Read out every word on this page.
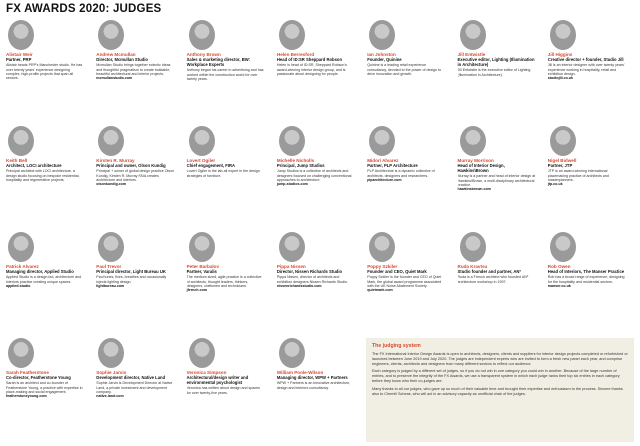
FX AWARDS 2020: JUDGES
Alistair Weir
Partner, PRP
Alistair heads PRP's Manchester studio. He has over twenty years' experience designing complex, high-profile projects that span all sectors.
Andrew Mcmullan
Director, Mcmullan Studio
Mcmullan Studio brings together eclectic ideas and thoughtful pragmatism to create buildable, beautiful architectural and interior projects.
mcmullanstudio.com
Anthony Brown
Sales & marketing director, BW: Workplace Experts
Anthony began his career in advertising and has worked within the construction world for over twenty years.
Helen Berresford
Head of ID:SR Sheppard Robson
Helen is head of ID:SR, Sheppard Robson's award-winning interior design group, and is passionate about designing for people.
Ian Johnston
Founder, Quinine
Quinine is a leading retail experience consultancy, devoted to the power of design to drive innovation and growth.
Jill Entwistle
Executive editor, Lighting (Illumination in Architecture)
Jill Entwistle is the executive editor of Lighting (Illumination in Architecture).
Jill Higgins
Creative director + founder, Studio Jill
Jill is an interior designer with over twenty years' experience working in hospitality, retail and exhibition design.
studiojill.co.uk
Keith Bell
Architect, LOCI architecture
Principal architect with LOCI architecture, a design studio focusing on bespoke residential, hospitality and regenerative projects.
Kirsten R. Murray
Principal and owner, Olson Kundig
Principal + owner of global design practice Olson Kundig, Kirsten R. Murray FAIA creates architecture and interiors.
olsonkundig.com
Lovert Ogiler
Chief engagement, FIRA
Lovert Ogiler is the lab-all expert in the design strategies of furniture.
Michelle Nicholls
Principal, Jump Studios
Jump Studios is a collective of architects and designers focused on challenging conventional approaches to architecture.
jump-studios.com
Midori Alvarez
Partner, PLP Architecture
PLP Architecture is a dynamic collective of architects, designers and researchers.
plparchitecture.com
Murray Morrison
Head of Interior Design, Hawkins\Brown
Murray is a partner and head of interior design at Hawkins\Brown, a multi-disciplinary architectural practice.
hawkinsbrown.com
Nigel Bidwell
Partner, JTP
JTP is an award-winning international placemaking practice of architects and masterplanners.
jtp.co.uk
Patrick Alvarez
Managing director, Applied Studio
Applied Studio is a design-led, architecture and interiors practice creating unique spaces.
applied.studio
Paul Trevor
Principal director, Light Bureau UK
Paul tunes, fixes, breathes and occasionally injects lighting design.
lightbureau.com
Peter Barbalov
Partner, Varalis
The medium sized, agile practice is a collective of architects, thought leaders, thinkers, designers, craftsmen and technicians.
jfernch.com
Pippa Nissen
Director, Nissen Richards Studio
Pippa Nissen, director of architects and exhibition designers Nissen Richards Studio.
nissenrichardsstudio.com
Poppy Szkiler
Founder and CEO, Quiet Mark
Poppy Szkiler is the founder and CEO of Quiet Mark, the global award programme associated with the UK Noise Abatement Society.
quietmark.com
Ruda Kravtsu
Studio founder and partner, ANº
Ruda is a French architect who founded ANº architecture workshop in 1997.
Rob Owen
Head of Interiors, The Manser Practice
Rob has a broad range of experience, designing for the hospitality and residential sectors.
manser.co.uk
Sarah Featherstone
Co-director, Featherstone Young
Sarah is an architect and co-founder of Featherstone Young, a practice with expertise in place-making and social engagement.
featherstoneyoung.com
Sophie Jarvis
Development director, Native Land
Sophie Jarvis is Development Director at Native Land, a private investment and development company.
native-land.com
Veronica Simpson
Architectural/design writer and environmental psychologist
Veronica has written about design and spaces for over twenty-five years.
William Poole-Wilson
Managing director, WPW + Partners
WPW + Partners is an innovative architecture, design and interiors consultancy.
The judging system

The FX International Interior Design Awards is open to architects, designers, clients and suppliers for interior design projects completed or refurbished or launched between June 2019 and July 2020. The judges are independent experts who are invited to form a fresh new panel each year, and comprise engineers, clients, architects and designers from many different sectors to reflect our audience.

Each category is judged by a different set of judges, so if you do not win in one category you could win in another. Because of the large number of entries, and to preserve the integrity of the FX Awards, we use a transparent system in which each judge ranks their top six entries in each category before they know who their co-judges are.

Many thanks to all our judges, who gave up so much of their valuable time and brought their expertise and enthusiasm to the process. Sincere thanks also to Chemill Scheas, who will act in an advisory capacity as unofficial chair of the judges.
